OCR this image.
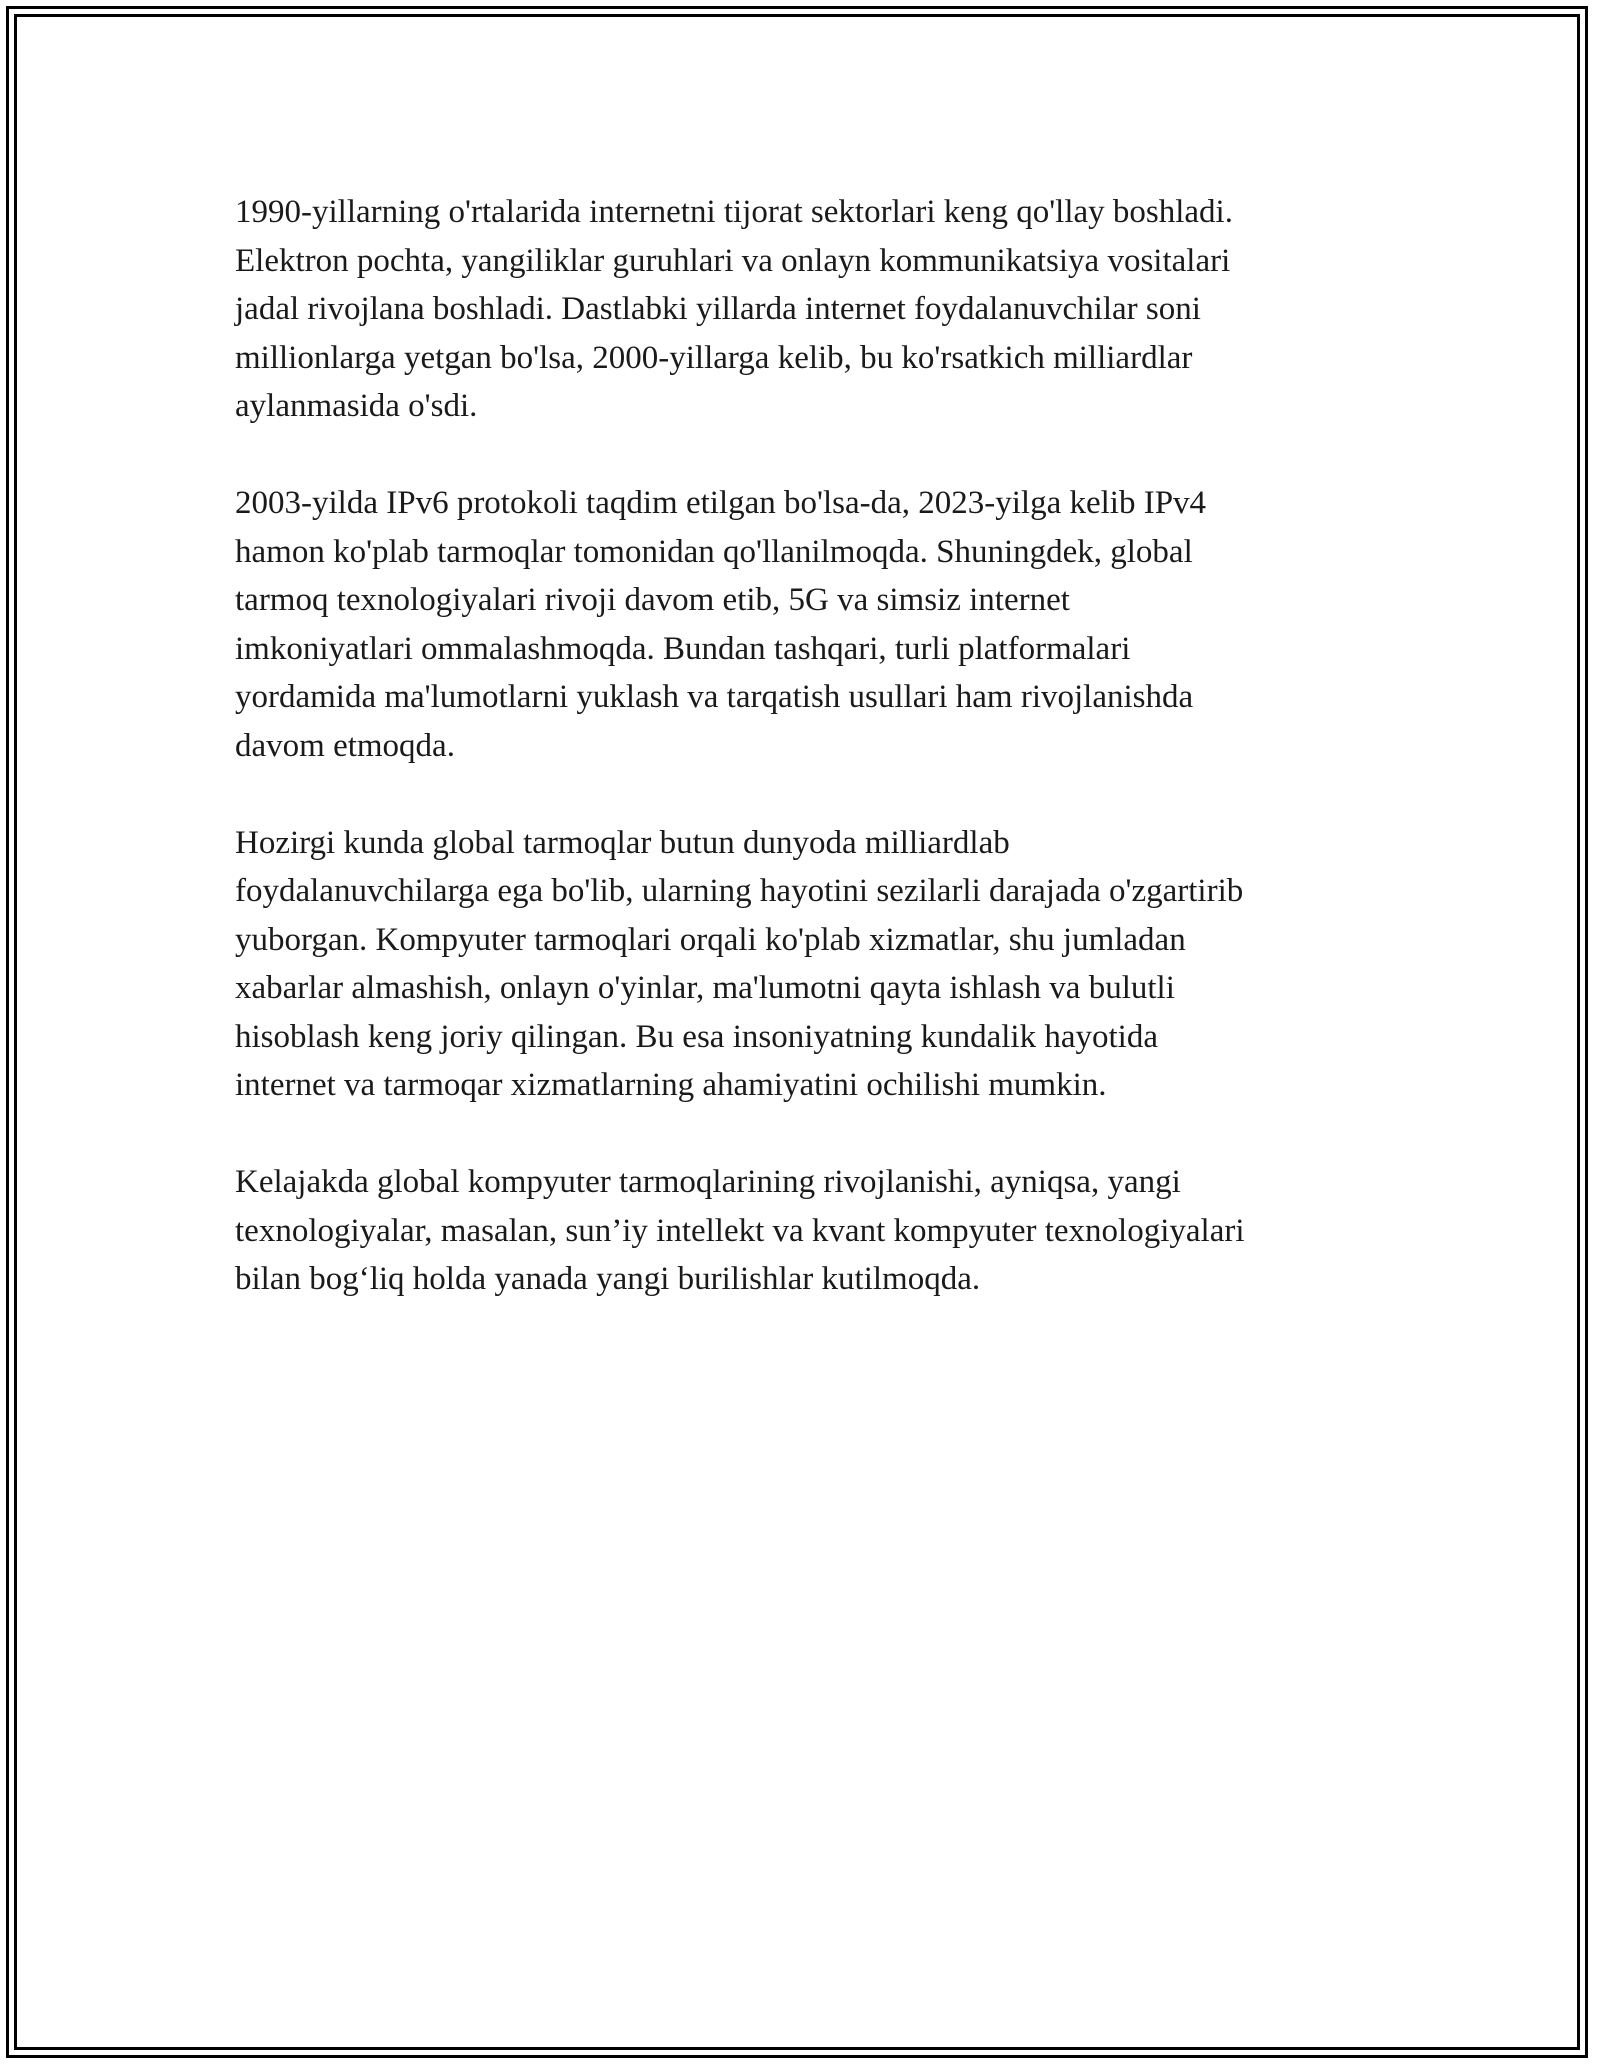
1990-yillarning o'rtalarida internetni tijorat sektorlari keng qo'llay boshladi.
Elektron pochta, yangiliklar guruhlari va onlayn kommunikatsiya vositalari
jadal rivojlana boshladi. Dastlabki yillarda internet foydalanuvchilar soni
millionlarga yetgan bo'lsa, 2000-yillarga kelib, bu ko'rsatkich milliardlar
aylanmasida o'sdi.

2003-yilda IPv6 protokoli taqdim etilgan bo'lsa-da, 2023-yilga kelib IPv4
hamon ko'plab tarmoqlar tomonidan qo'llanilmoqda. Shuningdek, global
tarmoq texnologiyalari rivoji davom etib, 5G va simsiz internet
imkoniyatlari ommalashmoqda. Bundan tashqari, turli platformalari
yordamida ma'lumotlarni yuklash va tarqatish usullari ham rivojlanishda
davom etmoqda.

Hozirgi kunda global tarmoqlar butun dunyoda milliardlab
foydalanuvchilarga ega bo'lib, ularning hayotini sezilarli darajada o'zgartirib
yuborgan. Kompyuter tarmoqlari orqali ko'plab xizmatlar, shu jumladan
xabarlar almashish, onlayn o'yinlar, ma'lumotni qayta ishlash va bulutli
hisoblash keng joriy qilingan. Bu esa insoniyatning kundalik hayotida
internet va tarmoqar xizmatlarning ahamiyatini ochilishi mumkin.

Kelajakda global kompyuter tarmoqlarining rivojlanishi, ayniqsa, yangi
texnologiyalar, masalan, sun’iy intellekt va kvant kompyuter texnologiyalari
bilan bog‘liq holda yanada yangi burilishlar kutilmoqda.
